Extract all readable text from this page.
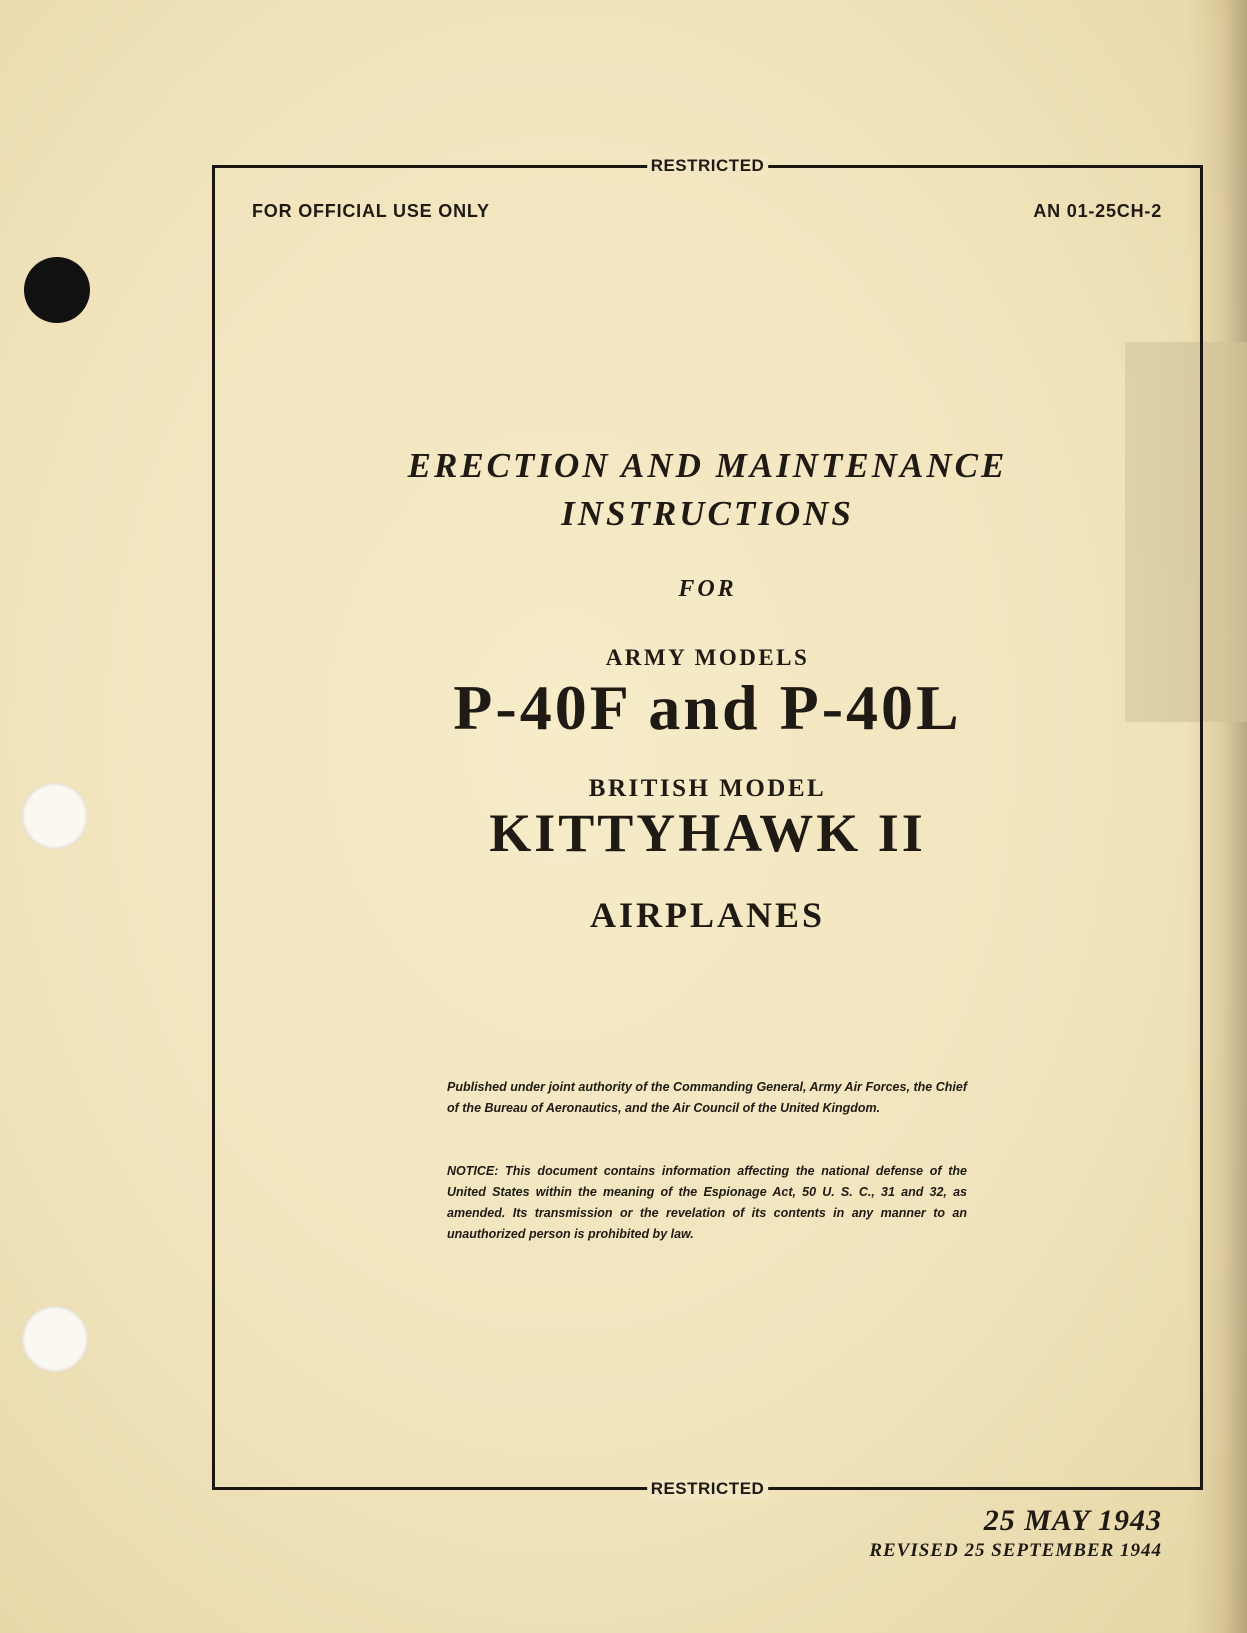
RESTRICTED
FOR OFFICIAL USE ONLY	AN 01-25CH-2
ERECTION AND MAINTENANCE
INSTRUCTIONS
FOR
ARMY MODELS
P-40F and P-40L
BRITISH MODEL
KITTYHAWK II
AIRPLANES
Published under joint authority of the Commanding General, Army Air Forces, the Chief of the Bureau of Aeronautics, and the Air Council of the United Kingdom.
NOTICE: This document contains information affecting the national defense of the United States within the meaning of the Espionage Act, 50 U. S. C., 31 and 32, as amended. Its transmission or the revelation of its contents in any manner to an unauthorized person is prohibited by law.
RESTRICTED
25 MAY 1943
REVISED 25 SEPTEMBER 1944
